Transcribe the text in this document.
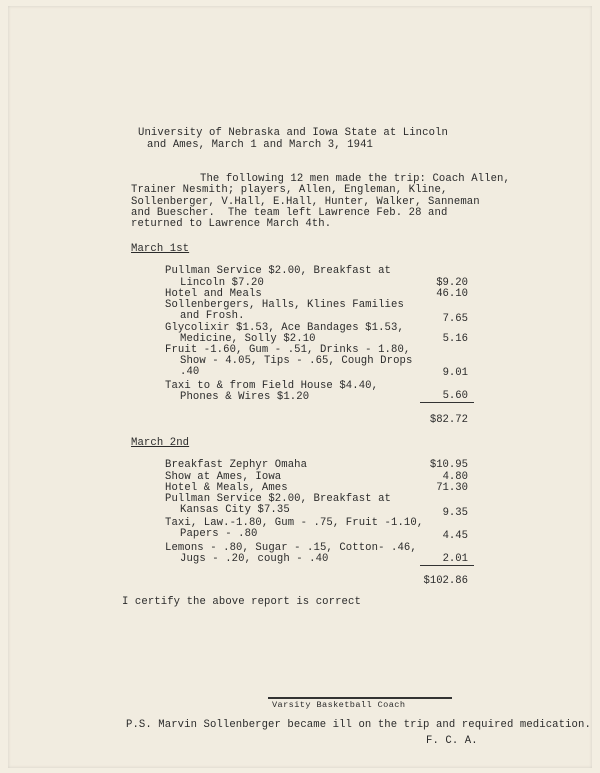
University of Nebraska and Iowa State at Lincoln
and Ames, March 1 and March 3, 1941
The following 12 men made the trip: Coach Allen,
Trainer Nesmith; players, Allen, Engleman, Kline,
Sollenberger, V.Hall, E.Hall, Hunter, Walker, Sanneman
and Buescher.  The team left Lawrence Feb. 28 and
returned to Lawrence March 4th.
March 1st
Pullman Service $2.00, Breakfast at
Lincoln $7.20	$9.20
Hotel and Meals	46.10
Sollenbergers, Halls, Klines Families
and Frosh.	7.65
Glycolixir $1.53, Ace Bandages $1.53,
Medicine, Solly $2.10	5.16
Fruit -1.60, Gum - .51, Drinks - 1.80,
Show - 4.05, Tips - .65, Cough Drops
.40	9.01
Taxi to & from Field House $4.40,
Phones & Wires $1.20	5.60
$82.72
March 2nd
Breakfast Zephyr Omaha	$10.95
Show at Ames, Iowa	4.80
Hotel & Meals, Ames	71.30
Pullman Service $2.00, Breakfast at
Kansas City $7.35	9.35
Taxi, Law.-1.80, Gum - .75, Fruit -1.10,
Papers - .80	4.45
Lemons - .80, Sugar - .15, Cotton- .46,
Jugs - .20, cough - .40	2.01
$102.86
I certify the above report is correct
Varsity Basketball Coach
P.S. Marvin Sollenberger became ill on the trip and required medication.
F. C. A.
